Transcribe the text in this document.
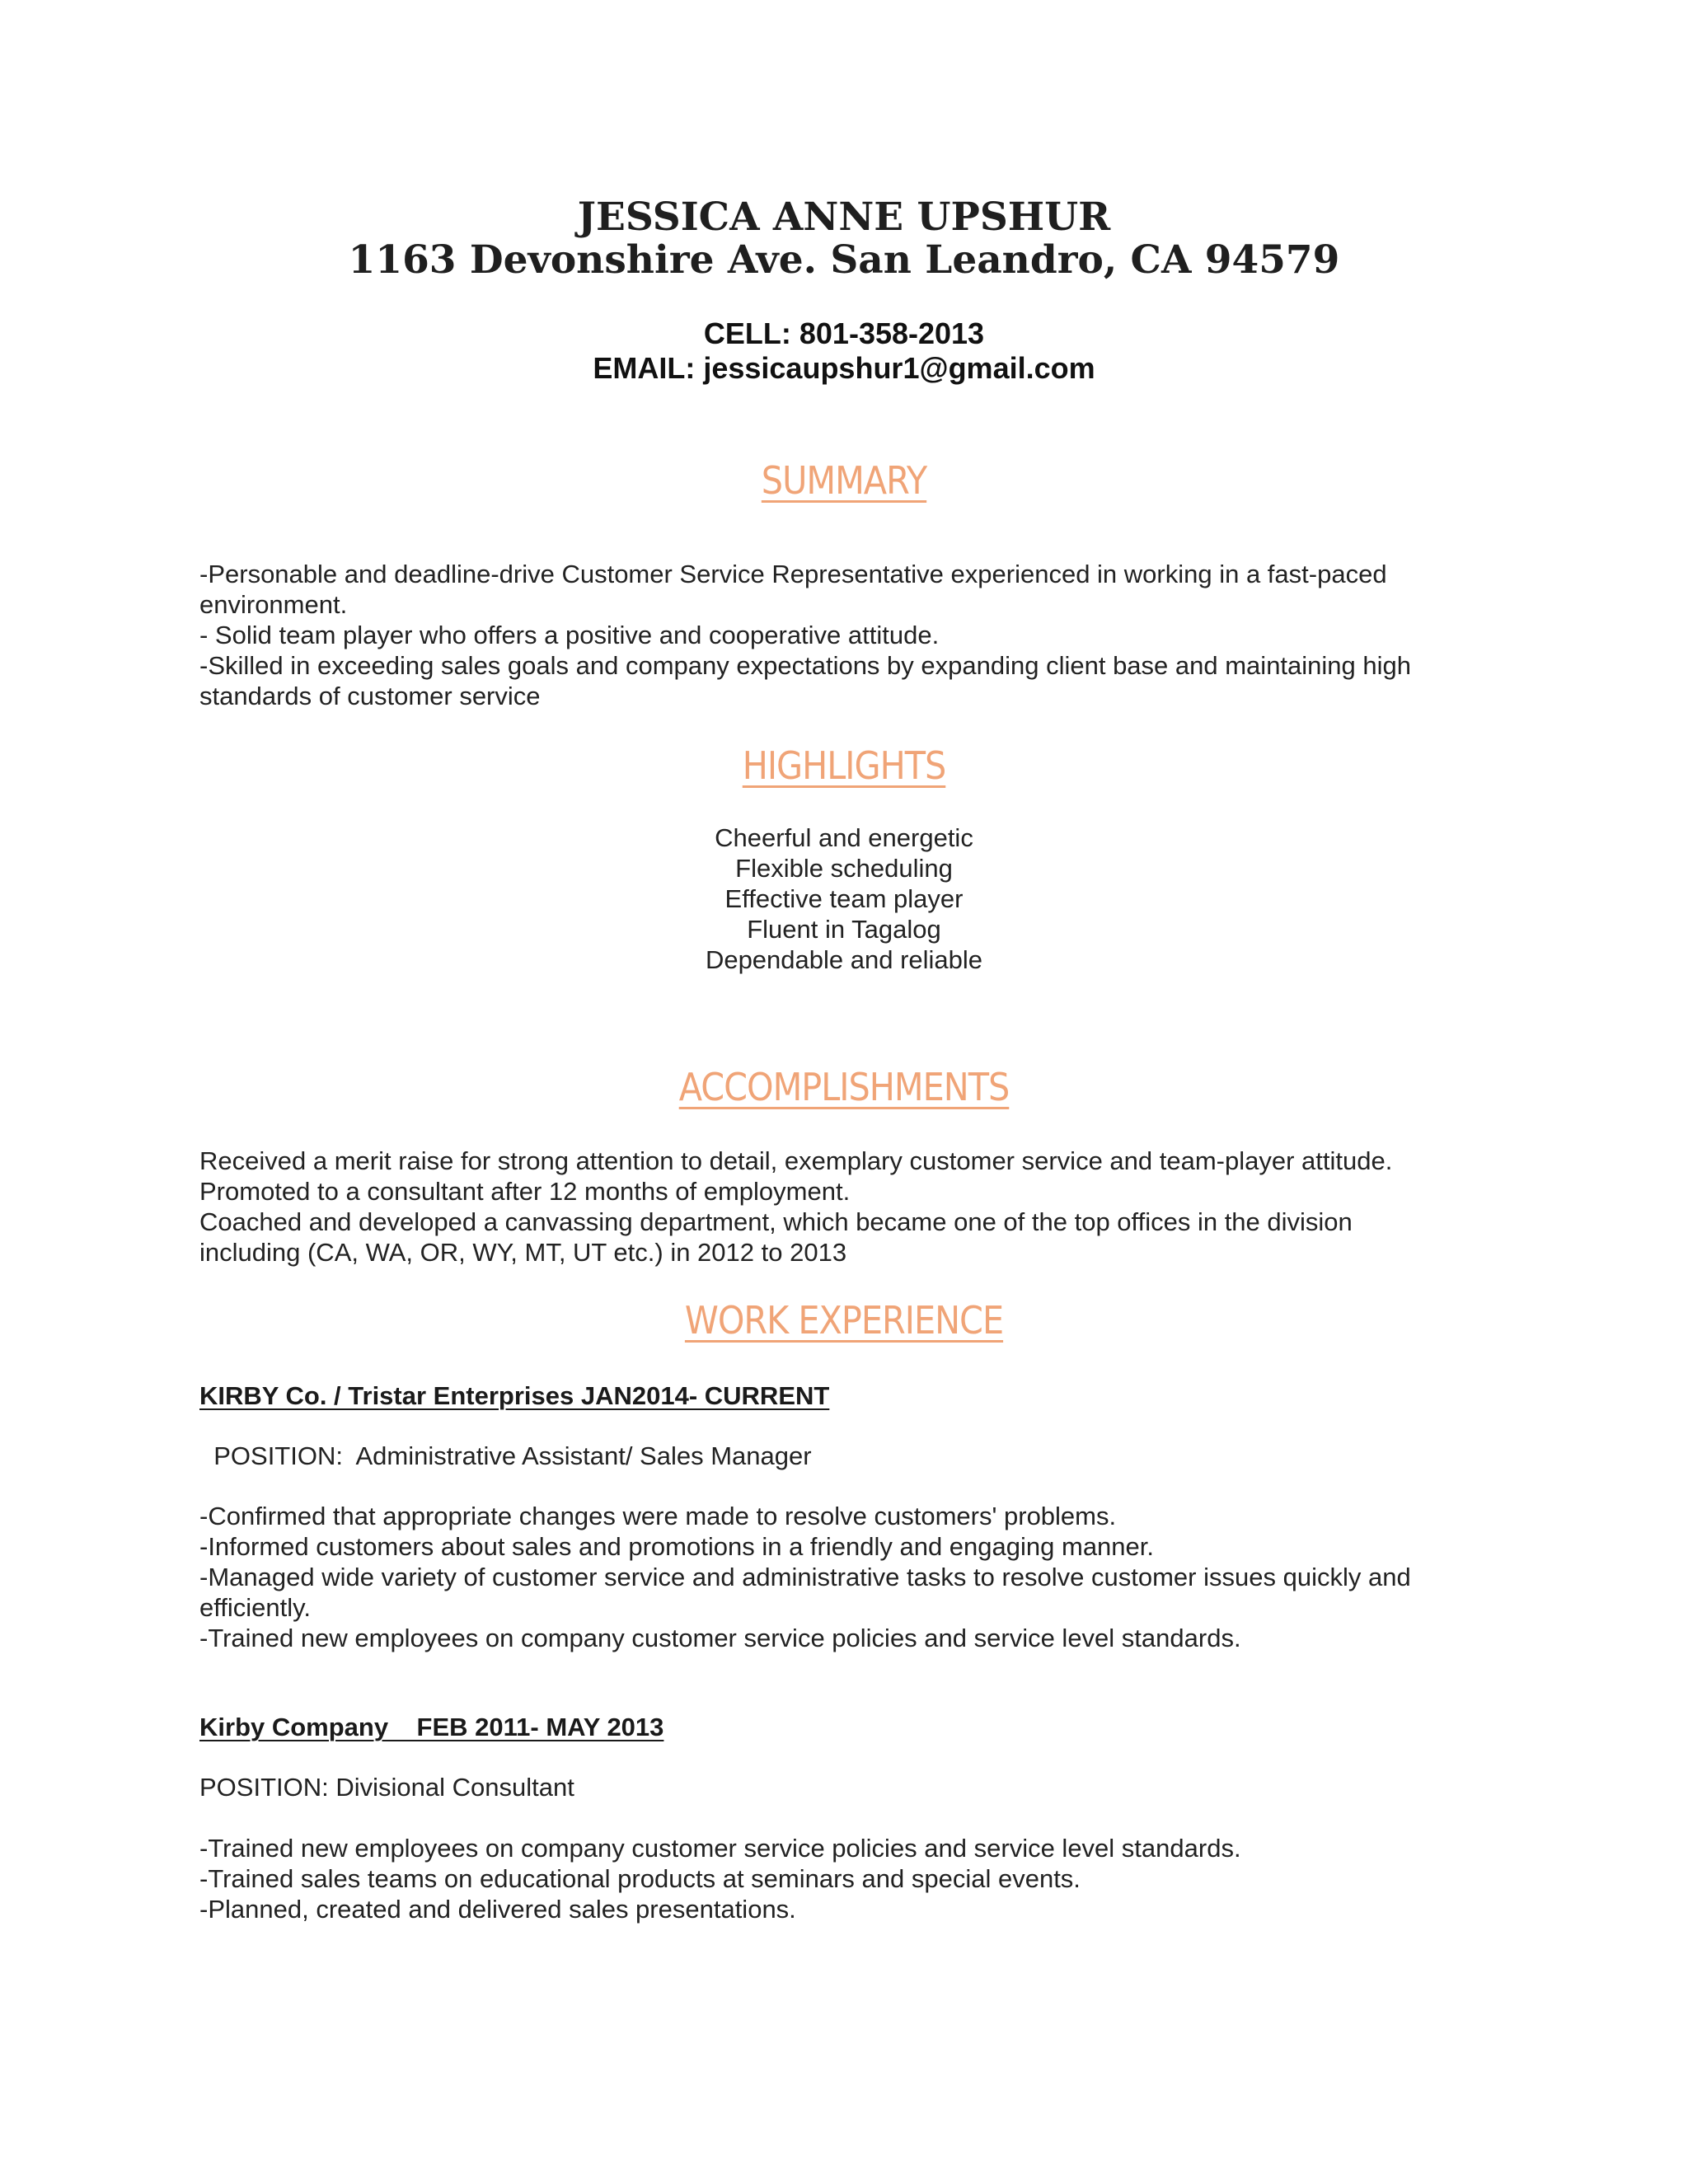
JESSICA ANNE UPSHUR
1163 Devonshire Ave. San Leandro, CA 94579
CELL: 801-358-2013
EMAIL: jessicaupshur1@gmail.com
SUMMARY
-Personable and deadline-drive Customer Service Representative experienced in working in a fast-paced
environment.
- Solid team player who offers a positive and cooperative attitude.
-Skilled in exceeding sales goals and company expectations by expanding client base and maintaining high
standards of customer service
HIGHLIGHTS
Cheerful and energetic
Flexible scheduling
Effective team player
Fluent in Tagalog
Dependable and reliable
ACCOMPLISHMENTS
Received a merit raise for strong attention to detail, exemplary customer service and team-player attitude.
Promoted to a consultant after 12 months of employment.
Coached and developed a canvassing department, which became one of the top offices in the division
including (CA, WA, OR, WY, MT, UT etc.) in 2012 to 2013
WORK EXPERIENCE
KIRBY Co. / Tristar Enterprises JAN2014- CURRENT
POSITION:  Administrative Assistant/ Sales Manager
-Confirmed that appropriate changes were made to resolve customers' problems.
-Informed customers about sales and promotions in a friendly and engaging manner.
-Managed wide variety of customer service and administrative tasks to resolve customer issues quickly and
efficiently.
-Trained new employees on company customer service policies and service level standards.
Kirby Company    FEB 2011- MAY 2013
POSITION: Divisional Consultant
-Trained new employees on company customer service policies and service level standards.
-Trained sales teams on educational products at seminars and special events.
-Planned, created and delivered sales presentations.
